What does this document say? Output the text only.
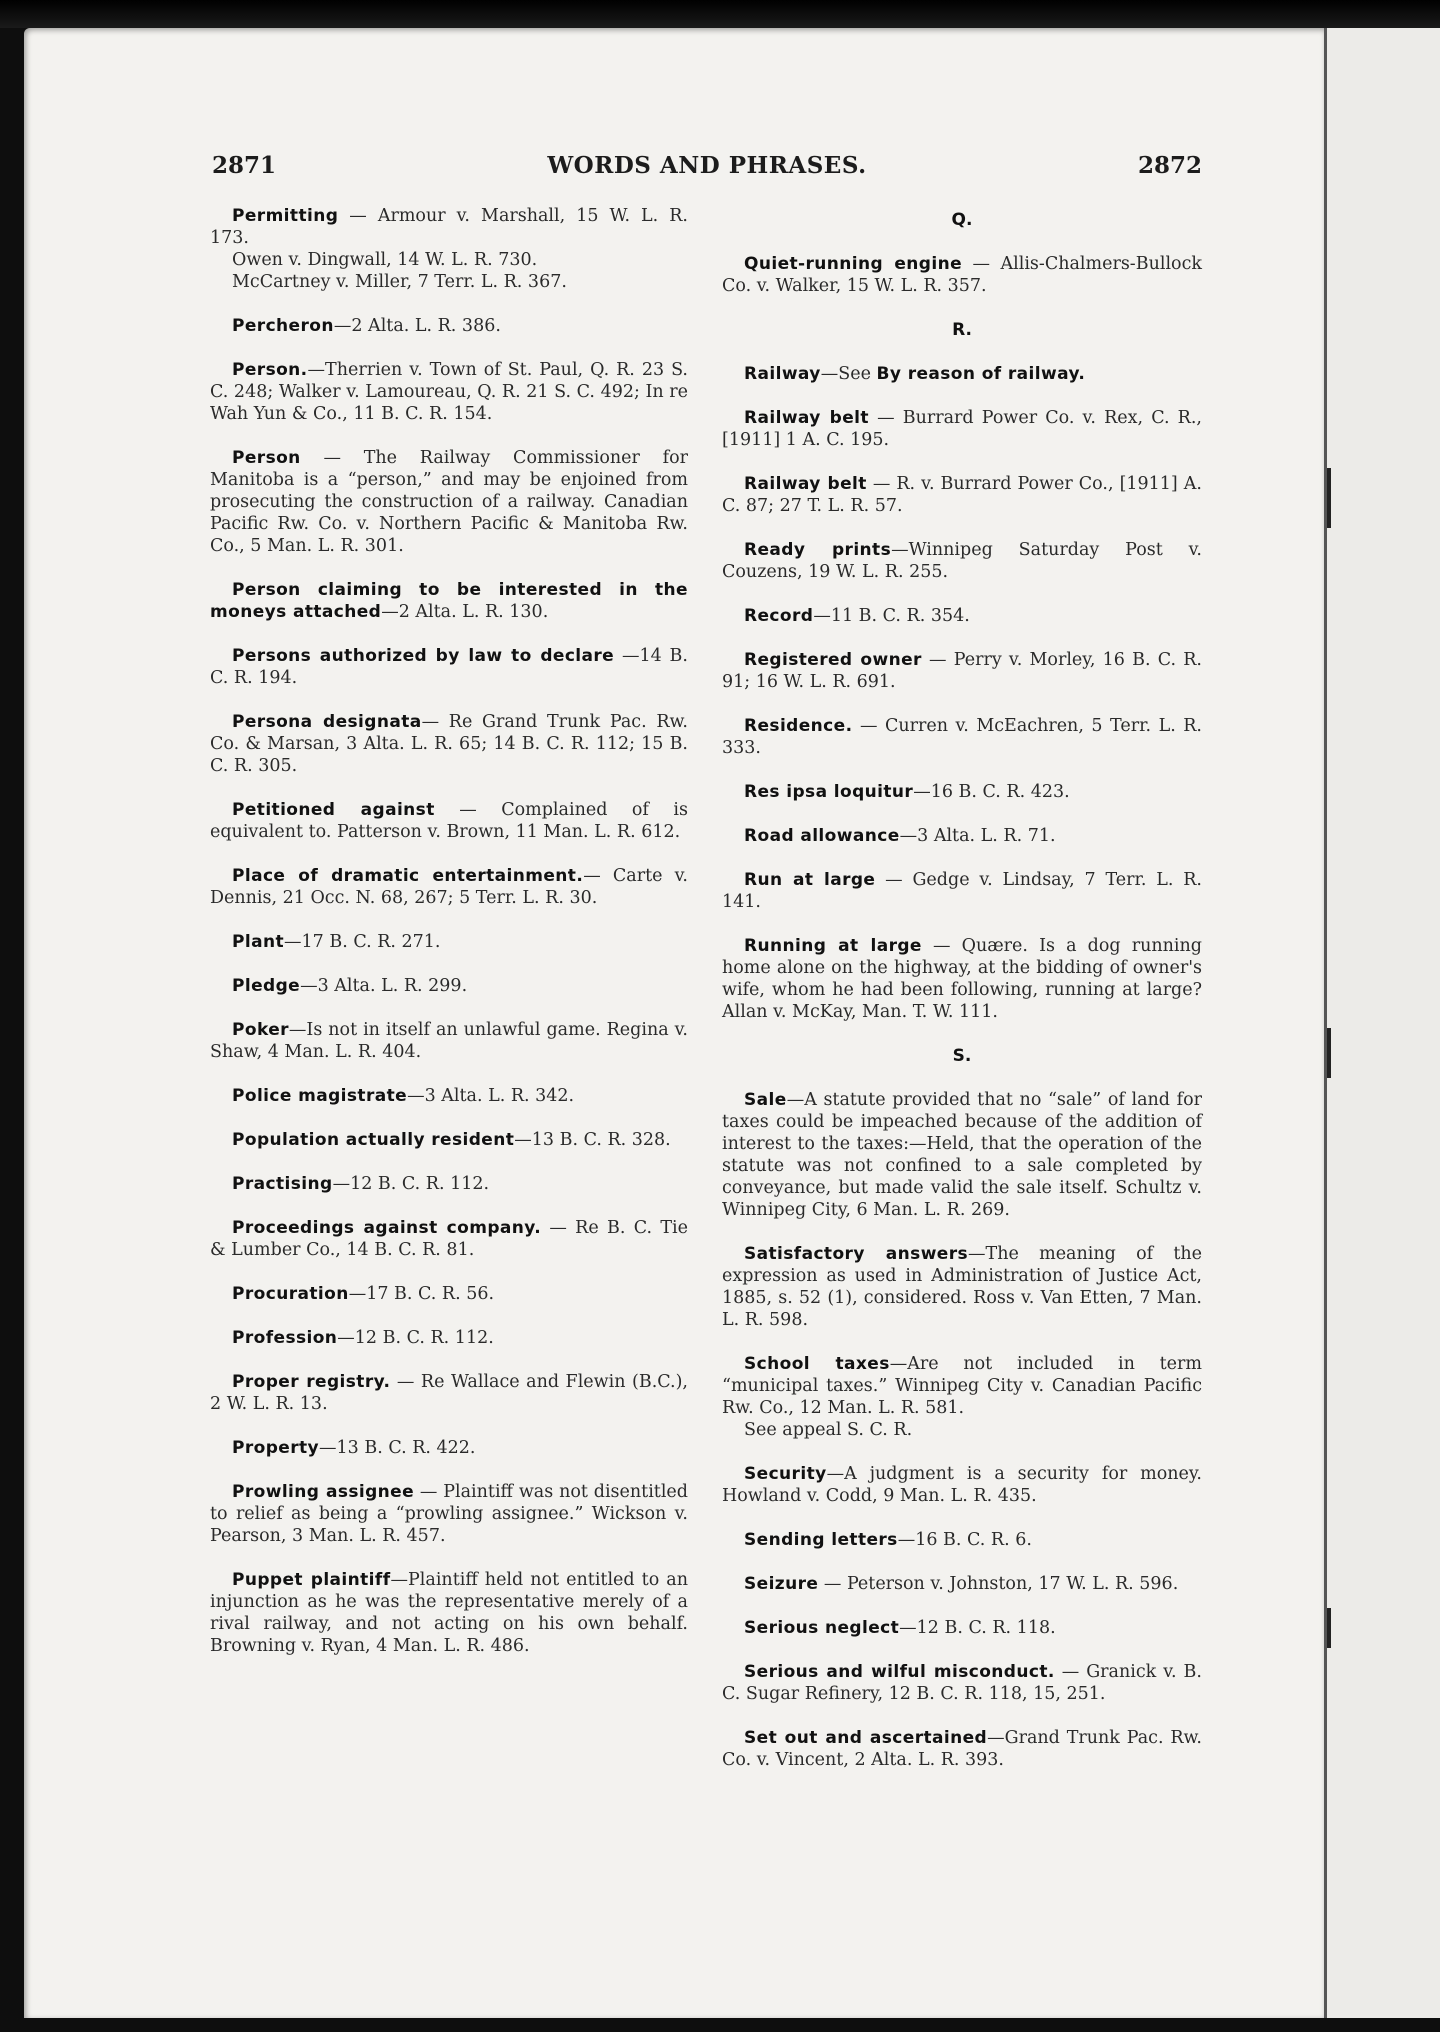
2871	WORDS AND PHRASES.	2872
Permitting — Armour v. Marshall, 15 W. L. R. 173.
Owen v. Dingwall, 14 W. L. R. 730.
McCartney v. Miller, 7 Terr. L. R. 367.
Percheron—2 Alta. L. R. 386.
Person.—Therrien v. Town of St. Paul, Q. R. 23 S. C. 248; Walker v. Lamoureau, Q. R. 21 S. C. 492; In re Wah Yun & Co., 11 B. C. R. 154.
Person — The Railway Commissioner for Manitoba is a “person,” and may be enjoined from prosecuting the construction of a railway. Canadian Pacific Rw. Co. v. Northern Pacific & Manitoba Rw. Co., 5 Man. L. R. 301.
Person claiming to be interested in the moneys attached—2 Alta. L. R. 130.
Persons authorized by law to declare —14 B. C. R. 194.
Persona designata— Re Grand Trunk Pac. Rw. Co. & Marsan, 3 Alta. L. R. 65; 14 B. C. R. 112; 15 B. C. R. 305.
Petitioned against — Complained of is equivalent to. Patterson v. Brown, 11 Man. L. R. 612.
Place of dramatic entertainment.— Carte v. Dennis, 21 Occ. N. 68, 267; 5 Terr. L. R. 30.
Plant—17 B. C. R. 271.
Pledge—3 Alta. L. R. 299.
Poker—Is not in itself an unlawful game. Regina v. Shaw, 4 Man. L. R. 404.
Police magistrate—3 Alta. L. R. 342.
Population actually resident—13 B. C. R. 328.
Practising—12 B. C. R. 112.
Proceedings against company. — Re B. C. Tie & Lumber Co., 14 B. C. R. 81.
Procuration—17 B. C. R. 56.
Profession—12 B. C. R. 112.
Proper registry. — Re Wallace and Flewin (B.C.), 2 W. L. R. 13.
Property—13 B. C. R. 422.
Prowling assignee — Plaintiff was not disentitled to relief as being a “prowling assignee.” Wickson v. Pearson, 3 Man. L. R. 457.
Puppet plaintiff—Plaintiff held not entitled to an injunction as he was the representative merely of a rival railway, and not acting on his own behalf. Browning v. Ryan, 4 Man. L. R. 486.
Q.
Quiet-running engine — Allis-Chalmers-Bullock Co. v. Walker, 15 W. L. R. 357.
R.
Railway—See By reason of railway.
Railway belt — Burrard Power Co. v. Rex, C. R., [1911] 1 A. C. 195.
Railway belt — R. v. Burrard Power Co., [1911] A. C. 87; 27 T. L. R. 57.
Ready prints—Winnipeg Saturday Post v. Couzens, 19 W. L. R. 255.
Record—11 B. C. R. 354.
Registered owner — Perry v. Morley, 16 B. C. R. 91; 16 W. L. R. 691.
Residence. — Curren v. McEachren, 5 Terr. L. R. 333.
Res ipsa loquitur—16 B. C. R. 423.
Road allowance—3 Alta. L. R. 71.
Run at large — Gedge v. Lindsay, 7 Terr. L. R. 141.
Running at large — Quære. Is a dog running home alone on the highway, at the bidding of owner's wife, whom he had been following, running at large? Allan v. McKay, Man. T. W. 111.
S.
Sale—A statute provided that no “sale” of land for taxes could be impeached because of the addition of interest to the taxes:—Held, that the operation of the statute was not confined to a sale completed by conveyance, but made valid the sale itself. Schultz v. Winnipeg City, 6 Man. L. R. 269.
Satisfactory answers—The meaning of the expression as used in Administration of Justice Act, 1885, s. 52 (1), considered. Ross v. Van Etten, 7 Man. L. R. 598.
School taxes—Are not included in term “municipal taxes.” Winnipeg City v. Canadian Pacific Rw. Co., 12 Man. L. R. 581.
See appeal S. C. R.
Security—A judgment is a security for money. Howland v. Codd, 9 Man. L. R. 435.
Sending letters—16 B. C. R. 6.
Seizure — Peterson v. Johnston, 17 W. L. R. 596.
Serious neglect—12 B. C. R. 118.
Serious and wilful misconduct. — Granick v. B. C. Sugar Refinery, 12 B. C. R. 118, 15, 251.
Set out and ascertained—Grand Trunk Pac. Rw. Co. v. Vincent, 2 Alta. L. R. 393.
